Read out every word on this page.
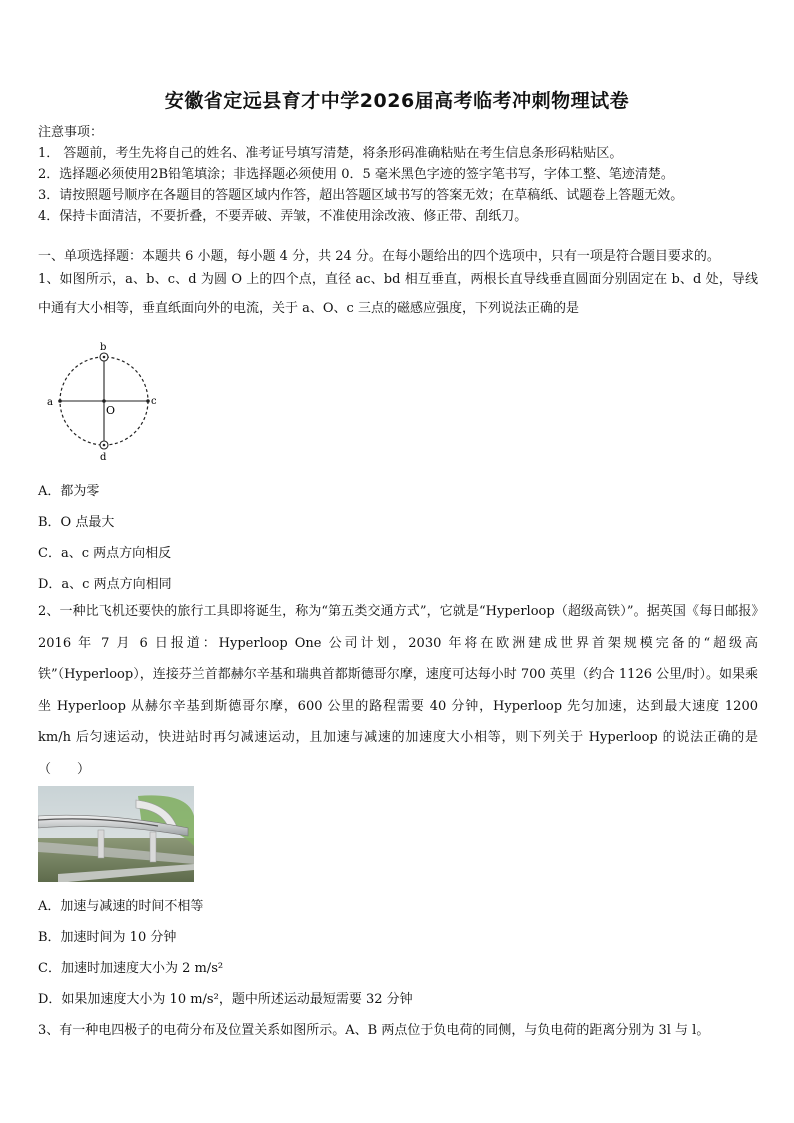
安徽省定远县育才中学2026届高考临考冲刺物理试卷
注意事项：
1． 答题前，考生先将自己的姓名、准考证号填写清楚，将条形码准确粘贴在考生信息条形码粘贴区。
2．选择题必须使用2B铅笔填涂；非选择题必须使用 0．5 毫米黑色字迹的签字笔书写，字体工整、笔迹清楚。
3．请按照题号顺序在各题目的答题区域内作答，超出答题区域书写的答案无效；在草稿纸、试题卷上答题无效。
4．保持卡面清洁，不要折叠，不要弄破、弄皱，不准使用涂改液、修正带、刮纸刀。
一、单项选择题：本题共 6 小题，每小题 4 分，共 24 分。在每小题给出的四个选项中，只有一项是符合题目要求的。

1、如图所示，a、b、c、d 为圆 O 上的四个点，直径 ac、bd 相互垂直，两根长直导线垂直圆面分别固定在 b、d 处，导线中通有大小相等，垂直纸面向外的电流，关于 a、O、c 三点的磁感应强度，下列说法正确的是

a
b
c
d
O
A．都为零
B．O 点最大
C．a、c 两点方向相反
D．a、c 两点方向相同

2、一种比飞机还要快的旅行工具即将诞生，称为“第五类交通方式”，它就是“Hyperloop（超级高铁）”。据英国《每日邮报》2016 年 7 月 6 日报道：Hyperloop One 公司计划，2030 年将在欧洲建成世界首架规模完备的“超级高铁”（Hyperloop），连接芬兰首都赫尔辛基和瑞典首都斯德哥尔摩，速度可达每小时 700 英里（约合 1126 公里/时）。如果乘坐 Hyperloop 从赫尔辛基到斯德哥尔摩，600 公里的路程需要 40 分钟，Hyperloop 先匀加速，达到最大速度 1200 km/h 后匀速运动，快进站时再匀减速运动，且加速与减速的加速度大小相等，则下列关于 Hyperloop 的说法正确的是（　　）

A．加速与减速的时间不相等
B．加速时间为 10 分钟
C．加速时加速度大小为 2 m/s²
D．如果加速度大小为 10 m/s²，题中所述运动最短需要 32 分钟
3、有一种电四极子的电荷分布及位置关系如图所示。A、B 两点位于负电荷的同侧，与负电荷的距离分别为 3l 与 l。
